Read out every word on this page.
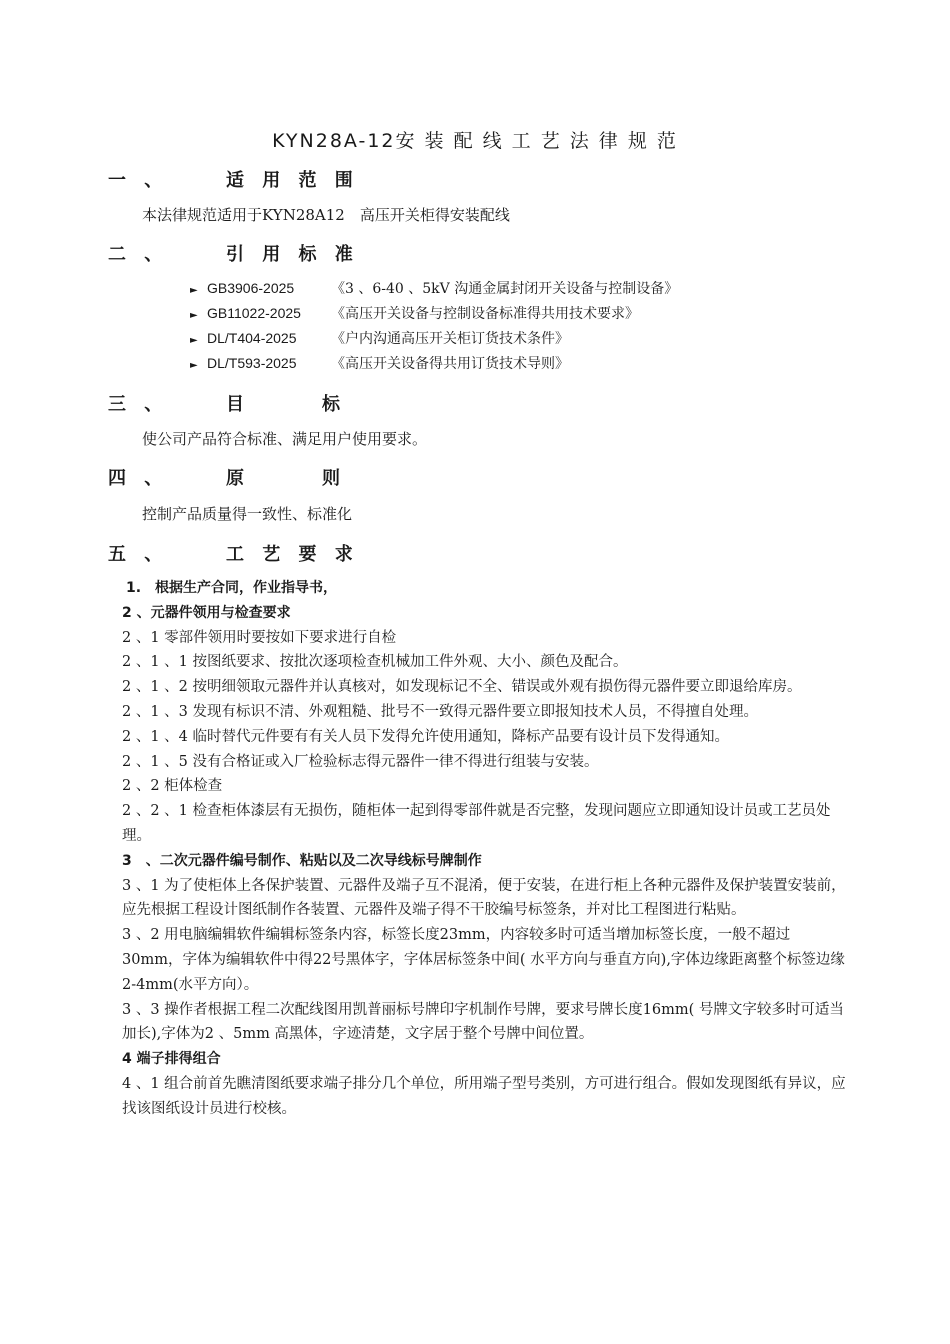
KYN28A-12安 装 配 线 工 艺 法 律 规 范
一 、	适 用 范 围
本法律规范适用于KYN28A12　高压开关柜得安装配线
二 、	引 用 标 准
► GB3906-2025	《3 、6-40 、5kV 沟通金属封闭开关设备与控制设备》
► GB11022-2025 《高压开关设备与控制设备标准得共用技术要求》
► DL/T404-2025 《户内沟通高压开关柜订货技术条件》
► DL/T593-2025 《高压开关设备得共用订货技术导则》
三 、	目　标
使公司产品符合标准、满足用户使用要求。
四 、	原　则
控制产品质量得一致性、标准化
五 、	工 艺 要 求

1.　根据生产合同，作业指导书，

2 、元器件领用与检查要求

2 、1 零部件领用时要按如下要求进行自检

2 、1 、1 按图纸要求、按批次逐项检查机械加工件外观、大小、颜色及配合。

2 、1 、2 按明细领取元器件并认真核对，如发现标记不全、错误或外观有损伤得元器件要立即退给库房。

2 、1 、3 发现有标识不清、外观粗糙、批号不一致得元器件要立即报知技术人员，不得擅自处理。

2 、1 、4 临时替代元件要有有关人员下发得允许使用通知，降标产品要有设计员下发得通知。

2 、1 、5 没有合格证或入厂检验标志得元器件一律不得进行组装与安装。

2 、2 柜体检查

2 、2 、1 检查柜体漆层有无损伤，随柜体一起到得零部件就是否完整，发现问题应立即通知设计员或工艺员处理。

3　、二次元器件编号制作、粘贴以及二次导线标号牌制作

3 、1 为了使柜体上各保护装置、元器件及端子互不混淆，便于安装，在进行柜上各种元器件及保护装置安装前，应先根据工程设计图纸制作各装置、元器件及端子得不干胶编号标签条，并对比工程图进行粘贴。

3 、2 用电脑编辑软件编辑标签条内容，标签长度23mm，内容较多时可适当增加标签长度，一般不超过30mm，字体为编辑软件中得22号黑体字，字体居标签条中间( 水平方向与垂直方向),字体边缘距离整个标签边缘2-4mm(水平方向）。

3 、3 操作者根据工程二次配线图用凯普丽标号牌印字机制作号牌，要求号牌长度16mm( 号牌文字较多时可适当加长),字体为2 、5mm 高黑体，字迹清楚，文字居于整个号牌中间位置。

4 端子排得组合

4 、1 组合前首先瞧清图纸要求端子排分几个单位，所用端子型号类别，方可进行组合。假如发现图纸有异议，应找该图纸设计员进行校核。
